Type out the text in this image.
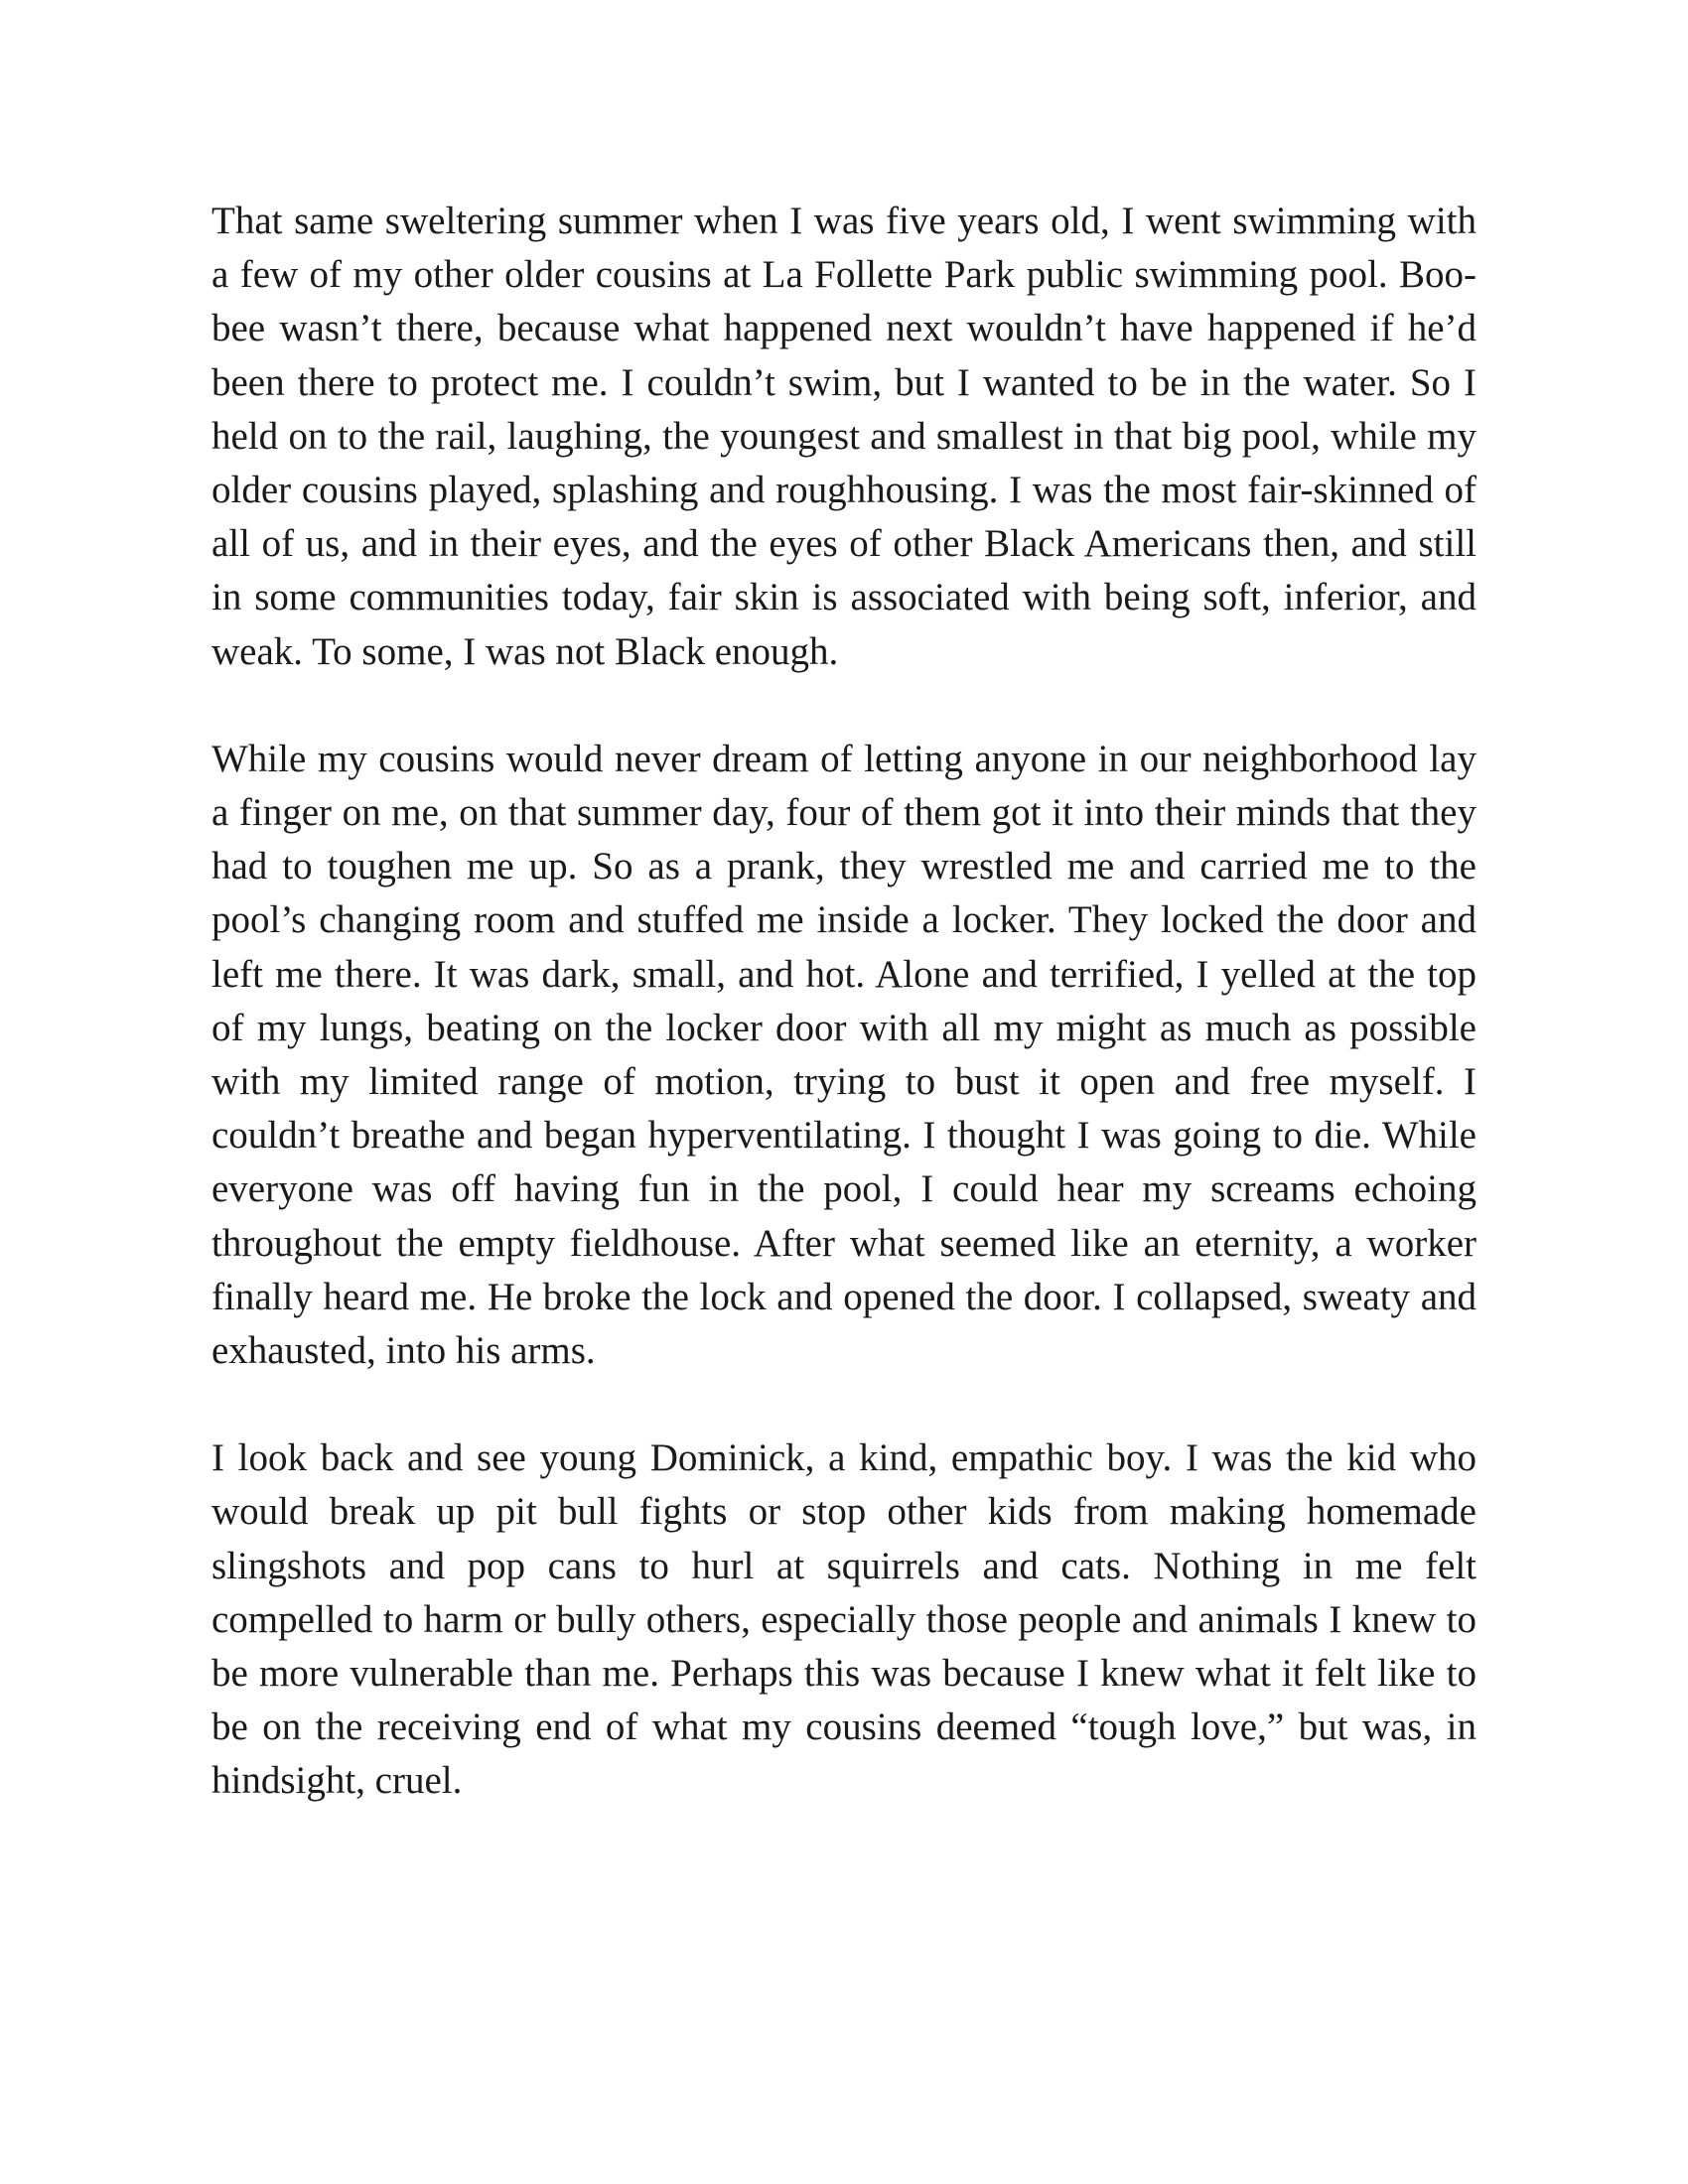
That same sweltering summer when I was five years old, I went swimming with a few of my other older cousins at La Follette Park public swimming pool. Boo-bee wasn’t there, because what happened next wouldn’t have happened if he’d been there to protect me. I couldn’t swim, but I wanted to be in the water. So I held on to the rail, laughing, the youngest and smallest in that big pool, while my older cousins played, splashing and roughhousing. I was the most fair-skinned of all of us, and in their eyes, and the eyes of other Black Americans then, and still in some communities today, fair skin is associated with being soft, inferior, and weak. To some, I was not Black enough.

While my cousins would never dream of letting anyone in our neighborhood lay a finger on me, on that summer day, four of them got it into their minds that they had to toughen me up. So as a prank, they wrestled me and carried me to the pool’s changing room and stuffed me inside a locker. They locked the door and left me there. It was dark, small, and hot. Alone and terrified, I yelled at the top of my lungs, beating on the locker door with all my might as much as possible with my limited range of motion, trying to bust it open and free myself. I couldn’t breathe and began hyperventilating. I thought I was going to die. While everyone was off having fun in the pool, I could hear my screams echoing throughout the empty fieldhouse. After what seemed like an eternity, a worker finally heard me. He broke the lock and opened the door. I collapsed, sweaty and exhausted, into his arms.

I look back and see young Dominick, a kind, empathic boy. I was the kid who would break up pit bull fights or stop other kids from making homemade slingshots and pop cans to hurl at squirrels and cats. Nothing in me felt compelled to harm or bully others, especially those people and animals I knew to be more vulnerable than me. Perhaps this was because I knew what it felt like to be on the receiving end of what my cousins deemed “tough love,” but was, in hindsight, cruel.
